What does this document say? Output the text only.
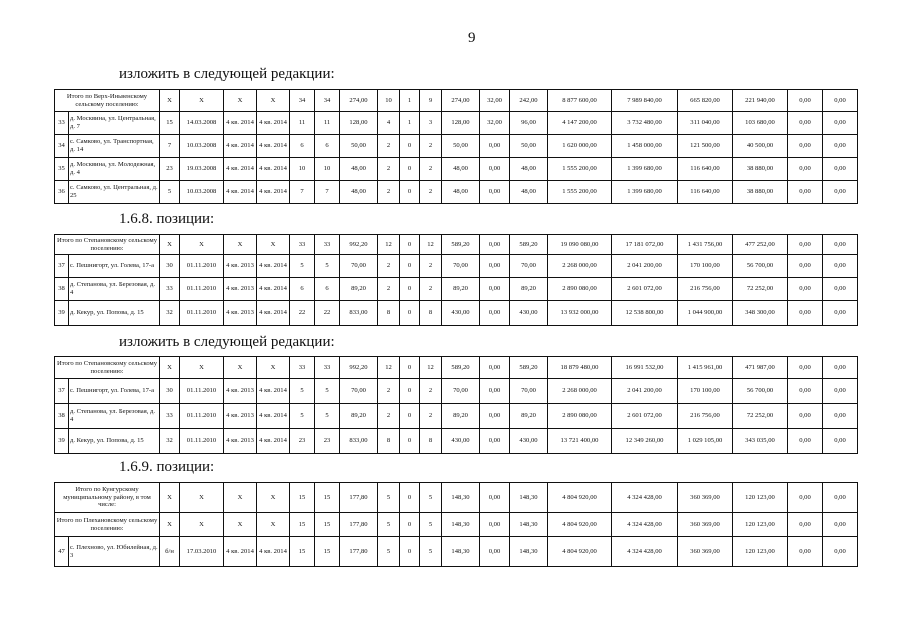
9
изложить в следующей редакции:
1.6.8. позиции:
изложить в следующей редакции:
1.6.9. позиции:
Итого по Верх-Иньвенскому сельскому поселению:		X	X	X	X	34	34	274,00	10	1	9	274,00	32,00	242,00	8 877 600,00	7 989 840,00	665 820,00	221 940,00	0,00	0,00
33	д. Москвина, ул. Центральная, д. 7	15	14.03.2008	4 кв. 2014	4 кв. 2014	11	11	128,00	4	1	3	128,00	32,00	96,00	4 147 200,00	3 732 480,00	311 040,00	103 680,00	0,00	0,00
34	с. Самково, ул. Транспортная, д. 14	7	10.03.2008	4 кв. 2014	4 кв. 2014	6	6	50,00	2	0	2	50,00	0,00	50,00	1 620 000,00	1 458 000,00	121 500,00	40 500,00	0,00	0,00
35	д. Москвина, ул. Молодежная, д. 4	23	19.03.2008	4 кв. 2014	4 кв. 2014	10	10	48,00	2	0	2	48,00	0,00	48,00	1 555 200,00	1 399 680,00	116 640,00	38 880,00	0,00	0,00
36	с. Самково, ул. Центральная, д. 25	5	10.03.2008	4 кв. 2014	4 кв. 2014	7	7	48,00	2	0	2	48,00	0,00	48,00	1 555 200,00	1 399 680,00	116 640,00	38 880,00	0,00	0,00
Итого по Степановскому сельскому поселению:		X	X	X	X	33	33	992,20	12	0	12	589,20	0,00	589,20	19 090 080,00	17 181 072,00	1 431 756,00	477 252,00	0,00	0,00
37	с. Пешнигорт, ул. Голева, 17-а	30	01.11.2010	4 кв. 2013	4 кв. 2014	5	5	70,00	2	0	2	70,00	0,00	70,00	2 268 000,00	2 041 200,00	170 100,00	56 700,00	0,00	0,00
38	д. Степанова, ул. Березовая, д. 4	33	01.11.2010	4 кв. 2013	4 кв. 2014	6	6	89,20	2	0	2	89,20	0,00	89,20	2 890 080,00	2 601 072,00	216 756,00	72 252,00	0,00	0,00
39	д. Кекур, ул. Попова, д. 15	32	01.11.2010	4 кв. 2013	4 кв. 2014	22	22	833,00	8	0	8	430,00	0,00	430,00	13 932 000,00	12 538 800,00	1 044 900,00	348 300,00	0,00	0,00
Итого по Степановскому сельскому поселению:		X	X	X	X	33	33	992,20	12	0	12	589,20	0,00	589,20	18 879 480,00	16 991 532,00	1 415 961,00	471 987,00	0,00	0,00
37	с. Пешнигорт, ул. Голева, 17-а	30	01.11.2010	4 кв. 2013	4 кв. 2014	5	5	70,00	2	0	2	70,00	0,00	70,00	2 268 000,00	2 041 200,00	170 100,00	56 700,00	0,00	0,00
38	д. Степанова, ул. Березовая, д. 4	33	01.11.2010	4 кв. 2013	4 кв. 2014	5	5	89,20	2	0	2	89,20	0,00	89,20	2 890 080,00	2 601 072,00	216 756,00	72 252,00	0,00	0,00
39	д. Кекур, ул. Попова, д. 15	32	01.11.2010	4 кв. 2013	4 кв. 2014	23	23	833,00	8	0	8	430,00	0,00	430,00	13 721 400,00	12 349 260,00	1 029 105,00	343 035,00	0,00	0,00
Итого по Кунгурскому муниципальному району, в том числе:		X	X	X	X	15	15	177,80	5	0	5	148,30	0,00	148,30	4 804 920,00	4 324 428,00	360 369,00	120 123,00	0,00	0,00
Итого по Плехановскому сельскому поселению:		X	X	X	X	15	15	177,80	5	0	5	148,30	0,00	148,30	4 804 920,00	4 324 428,00	360 369,00	120 123,00	0,00	0,00
47	с. Плехново, ул. Юбилейная, д. 3	б/н	17.03.2010	4 кв. 2014	4 кв. 2014	15	15	177,80	5	0	5	148,30	0,00	148,30	4 804 920,00	4 324 428,00	360 369,00	120 123,00	0,00	0,00
